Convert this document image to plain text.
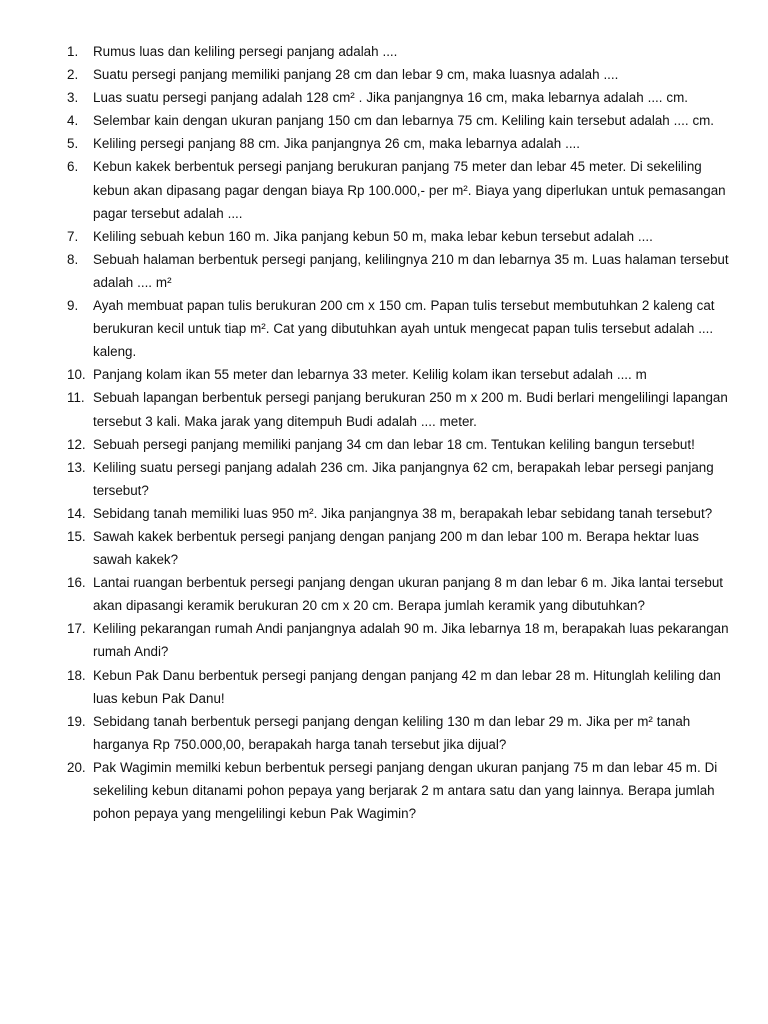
1.	Rumus luas dan keliling persegi panjang adalah ....
2.	Suatu persegi panjang memiliki panjang 28 cm dan lebar 9 cm, maka luasnya adalah ....
3.	Luas suatu persegi panjang adalah 128 cm² . Jika panjangnya 16 cm, maka lebarnya adalah .... cm.
4.	Selembar kain dengan ukuran panjang 150 cm dan lebarnya 75 cm. Keliling kain tersebut adalah .... cm.
5.	Keliling persegi panjang 88 cm. Jika panjangnya 26 cm, maka lebarnya adalah ....
6.	Kebun kakek berbentuk persegi panjang berukuran panjang 75 meter dan lebar 45 meter. Di sekeliling kebun akan dipasang pagar dengan biaya Rp 100.000,- per m². Biaya yang diperlukan untuk pemasangan pagar tersebut adalah ....
7.	Keliling sebuah kebun 160 m. Jika panjang kebun 50 m, maka lebar kebun tersebut adalah ....
8.	Sebuah halaman berbentuk persegi panjang, kelilingnya 210 m dan lebarnya 35 m. Luas halaman tersebut adalah .... m²
9.	Ayah membuat papan tulis berukuran 200 cm x 150 cm. Papan tulis tersebut membutuhkan 2 kaleng cat berukuran kecil untuk tiap m². Cat yang dibutuhkan ayah untuk mengecat papan tulis tersebut adalah .... kaleng.
10. Panjang kolam ikan 55 meter dan lebarnya 33 meter. Kelilig kolam ikan tersebut adalah .... m
11. Sebuah lapangan berbentuk persegi panjang berukuran 250 m x 200 m. Budi berlari mengelilingi lapangan tersebut 3 kali. Maka jarak yang ditempuh Budi adalah .... meter.
12. Sebuah persegi panjang memiliki panjang 34 cm dan lebar 18 cm. Tentukan keliling bangun tersebut!
13. Keliling suatu persegi panjang adalah 236 cm. Jika panjangnya 62 cm, berapakah lebar persegi panjang tersebut?
14. Sebidang tanah memiliki luas 950 m². Jika panjangnya 38 m, berapakah lebar sebidang tanah tersebut?
15. Sawah kakek berbentuk persegi panjang dengan panjang 200 m dan lebar 100 m. Berapa hektar luas sawah kakek?
16. Lantai ruangan berbentuk persegi panjang dengan ukuran panjang 8 m dan lebar 6 m. Jika lantai tersebut akan dipasangi keramik berukuran 20 cm x 20 cm. Berapa jumlah keramik yang dibutuhkan?
17. Keliling pekarangan rumah Andi panjangnya adalah 90 m. Jika lebarnya 18 m, berapakah luas pekarangan rumah Andi?
18. Kebun Pak Danu berbentuk persegi panjang dengan panjang 42 m dan lebar 28 m. Hitunglah keliling dan luas kebun Pak Danu!
19. Sebidang tanah berbentuk persegi panjang dengan keliling 130 m dan lebar 29 m. Jika per m² tanah harganya Rp 750.000,00, berapakah harga tanah tersebut jika dijual?
20. Pak Wagimin memilki kebun berbentuk persegi panjang dengan ukuran panjang 75 m dan lebar 45 m. Di sekeliling kebun ditanami pohon pepaya yang berjarak 2 m antara satu dan yang lainnya. Berapa jumlah pohon pepaya yang mengelilingi kebun Pak Wagimin?
